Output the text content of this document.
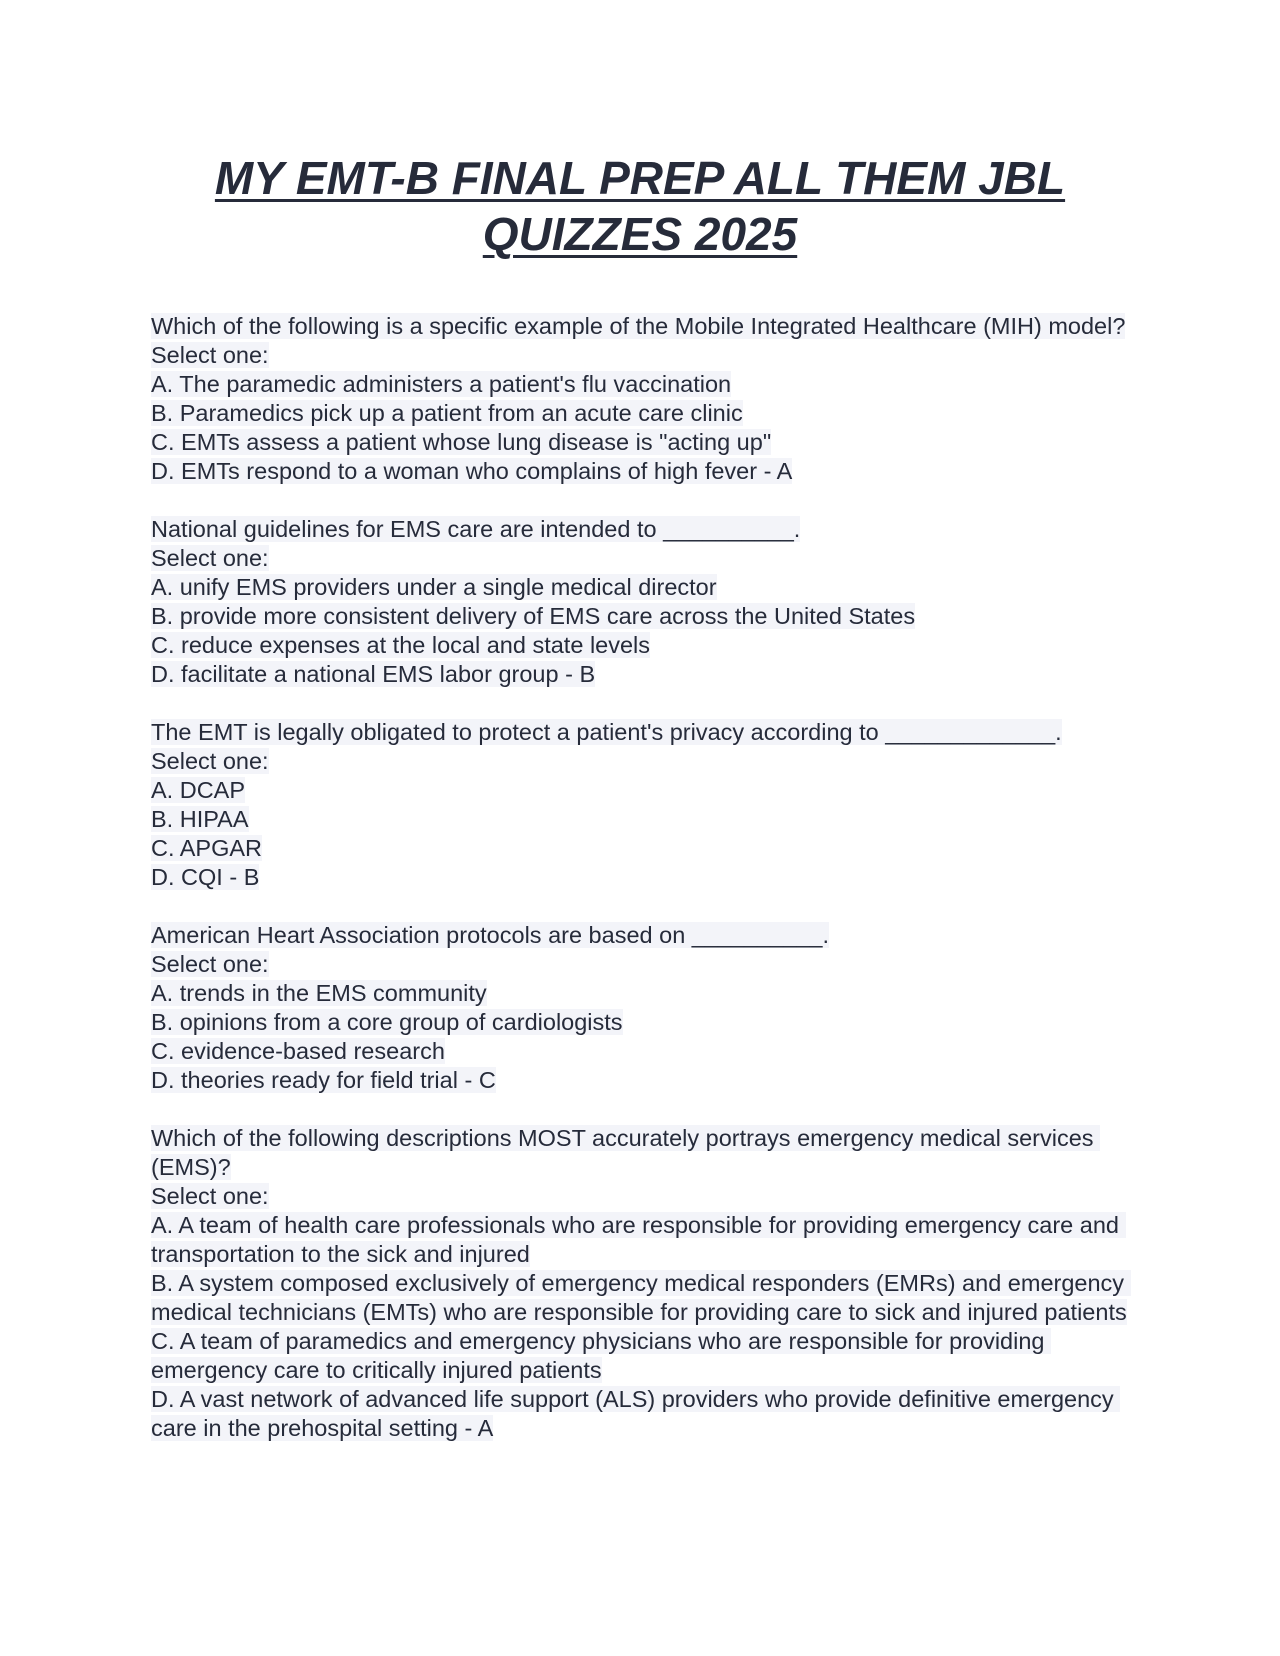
MY EMT-B FINAL PREP ALL THEM JBL
QUIZZES 2025
Which of the following is a specific example of the Mobile Integrated Healthcare (MIH) model?
Select one:
A. The paramedic administers a patient's flu vaccination
B. Paramedics pick up a patient from an acute care clinic
C. EMTs assess a patient whose lung disease is "acting up"
D. EMTs respond to a woman who complains of high fever - A
National guidelines for EMS care are intended to __________.
Select one:
A. unify EMS providers under a single medical director
B. provide more consistent delivery of EMS care across the United States
C. reduce expenses at the local and state levels
D. facilitate a national EMS labor group - B
The EMT is legally obligated to protect a patient's privacy according to _____________.
Select one:
A. DCAP
B. HIPAA
C. APGAR
D. CQI - B
American Heart Association protocols are based on __________.
Select one:
A. trends in the EMS community
B. opinions from a core group of cardiologists
C. evidence-based research
D. theories ready for field trial - C
Which of the following descriptions MOST accurately portrays emergency medical services (EMS)?
Select one:
A. A team of health care professionals who are responsible for providing emergency care and transportation to the sick and injured
B. A system composed exclusively of emergency medical responders (EMRs) and emergency medical technicians (EMTs) who are responsible for providing care to sick and injured patients
C. A team of paramedics and emergency physicians who are responsible for providing emergency care to critically injured patients
D. A vast network of advanced life support (ALS) providers who provide definitive emergency care in the prehospital setting - A
